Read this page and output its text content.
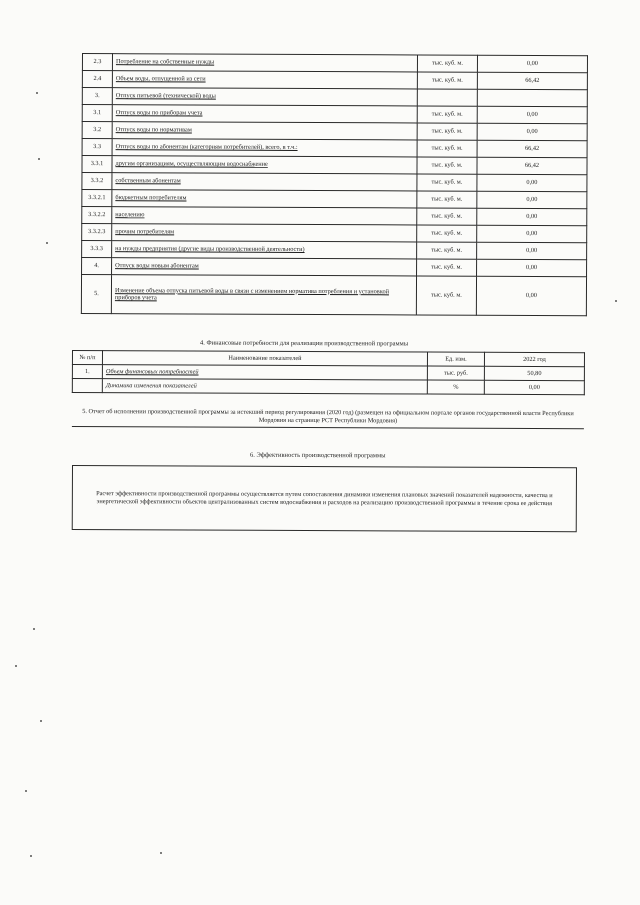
2.3	Потребление на собственные нужды	тыс. куб. м.	0,00
2.4	Объем воды, отпущенной из сети	тыс. куб. м.	66,42
3.	Отпуск питьевой (технической) воды		
3.1	Отпуск воды по приборам учета	тыс. куб. м.	0,00
3.2	Отпуск воды по нормативам	тыс. куб. м.	0,00
3.3	Отпуск воды по абонентам (категориям потребителей), всего, в т.ч.:	тыс. куб. м.	66,42
3.3.1	другим организациям, осуществляющим водоснабжение	тыс. куб. м.	66,42
3.3.2	собственным абонентам	тыс. куб. м.	0,00
3.3.2.1	бюджетным потребителям	тыс. куб. м.	0,00
3.3.2.2	населению	тыс. куб. м.	0,00
3.3.2.3	прочим потребителям	тыс. куб. м.	0,00
3.3.3	на нужды предприятия (другие виды производственной деятельности)	тыс. куб. м.	0,00
4.	Отпуск воды новым абонентам	тыс. куб. м.	0,00
5.	Изменение объема отпуска питьевой воды в связи с изменением норматива потребления и установкой приборов учета	тыс. куб. м.	0,00
4. Финансовые потребности для реализации производственной программы
№ п/п	Наименование показателей	Ед. изм.	2022 год
1.	Объем финансовых потребностей	тыс. руб.	50,80
	Динамика изменения показателей	%	0,00
5. Отчет об исполнении производственной программы за истекший период регулирования (2020 год) (размещен на официальном портале органов государственной власти Республики Мордовия на странице РСТ Республики Мордовия)
6. Эффективность производственной программы

Расчет эффективности производственной программы осуществляется путем сопоставления динамики изменения плановых значений показателей надежности, качества и энергетической эффективности объектов централизованных систем водоснабжения и расходов на реализацию производственной программы в течение срока ее действия
